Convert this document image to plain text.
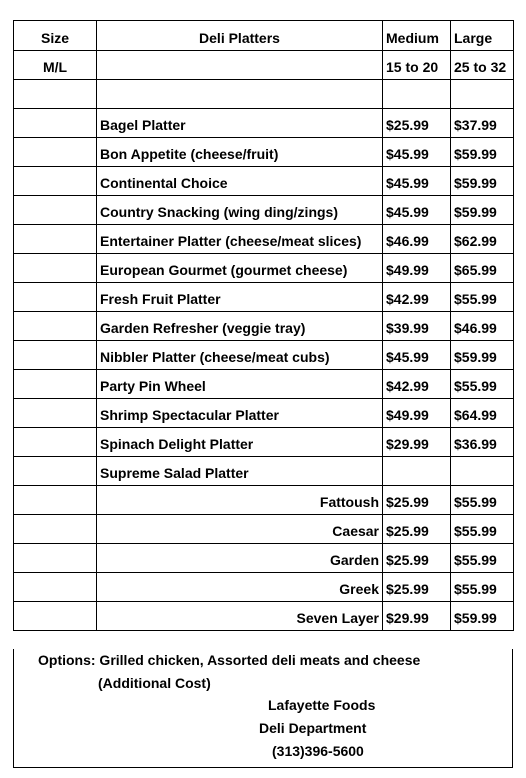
Size	Deli Platters	Medium	Large
M/L		15 to 20	25 to 32

	Bagel Platter	$25.99	$37.99
	Bon Appetite (cheese/fruit)	$45.99	$59.99
	Continental Choice	$45.99	$59.99
	Country Snacking (wing ding/zings)	$45.99	$59.99
	Entertainer Platter (cheese/meat slices)	$46.99	$62.99
	European Gourmet (gourmet cheese)	$49.99	$65.99
	Fresh Fruit Platter	$42.99	$55.99
	Garden Refresher (veggie tray)	$39.99	$46.99
	Nibbler Platter (cheese/meat cubs)	$45.99	$59.99
	Party Pin Wheel	$42.99	$55.99
	Shrimp Spectacular Platter	$49.99	$64.99
	Spinach Delight Platter	$29.99	$36.99
	Supreme Salad Platter		
	Fattoush	$25.99	$55.99
	Caesar	$25.99	$55.99
	Garden	$25.99	$55.99
	Greek	$25.99	$55.99
	Seven Layer	$29.99	$59.99
Options: Grilled chicken, Assorted deli meats and cheese
(Additional Cost)
Lafayette Foods
Deli Department
(313)396-5600
